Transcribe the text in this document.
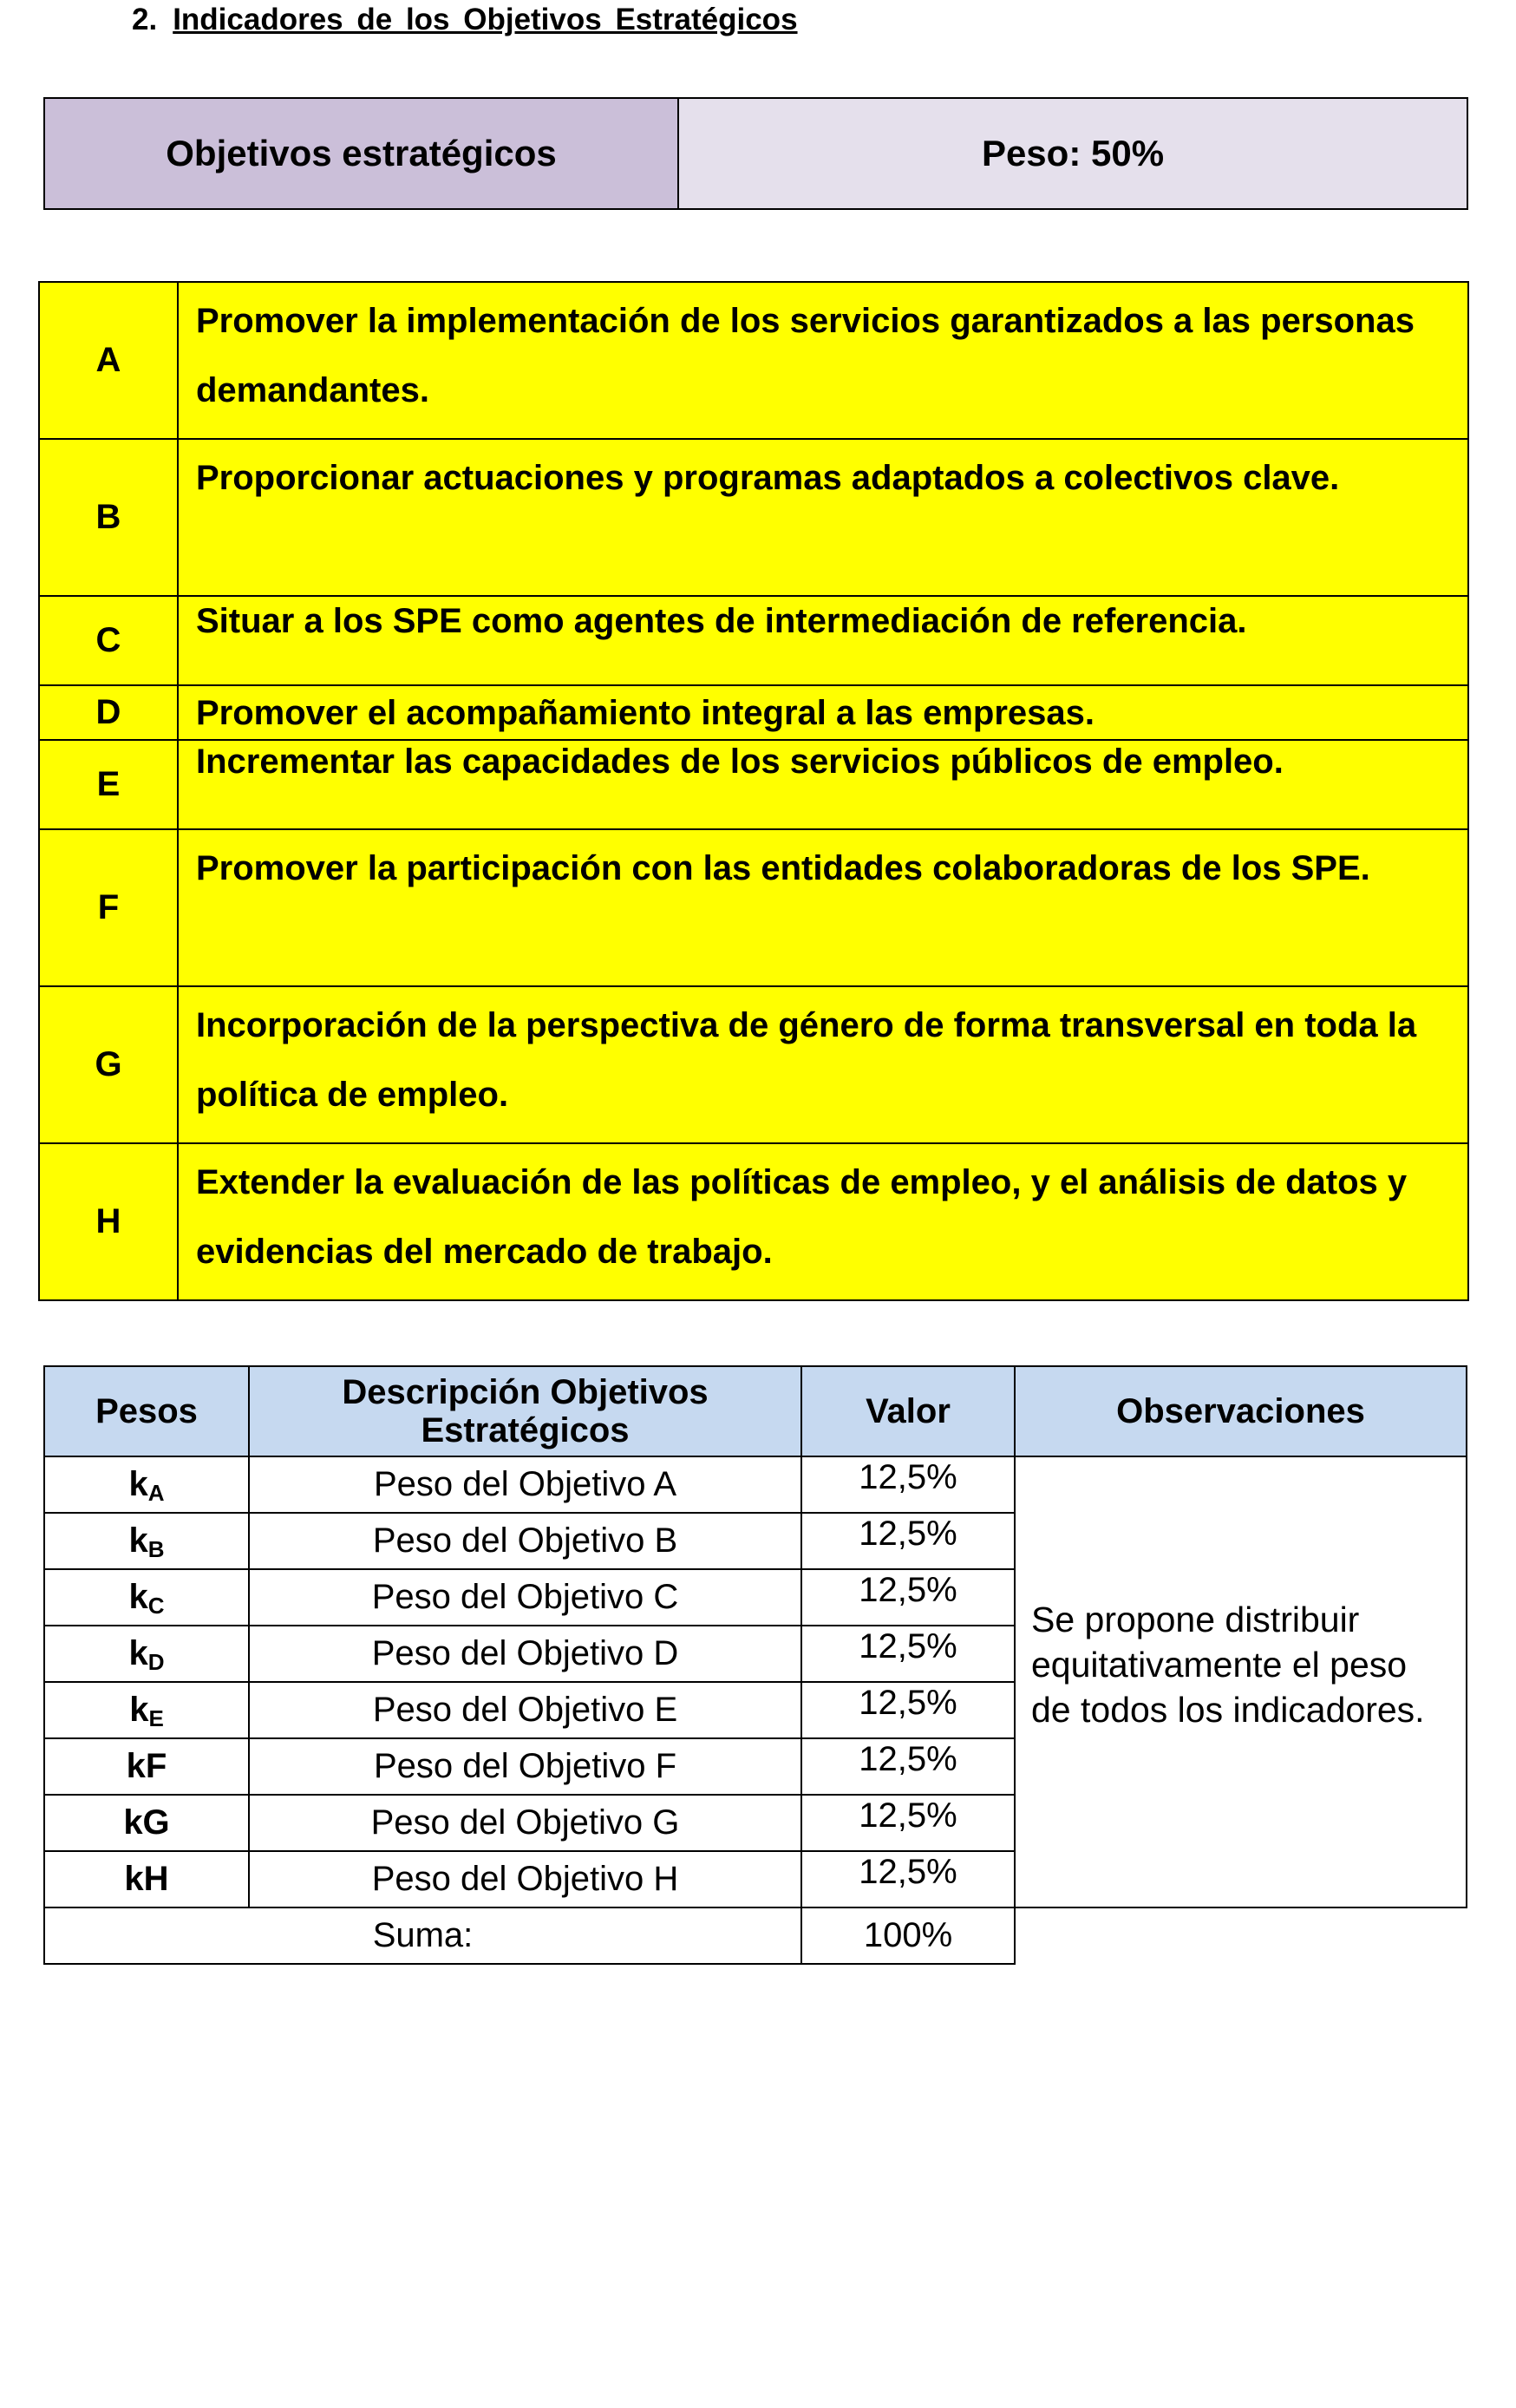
2. Indicadores de los Objetivos Estratégicos
Objetivos estratégicos	Peso: 50%
A	Promover la implementación de los servicios garantizados a las personas demandantes.
B	Proporcionar actuaciones y programas adaptados a colectivos clave.
C	Situar a los SPE como agentes de intermediación de referencia.
D	Promover el acompañamiento integral a las empresas.
E	Incrementar las capacidades de los servicios públicos de empleo.
F	Promover la participación con las entidades colaboradoras de los SPE.
G	Incorporación de la perspectiva de género de forma transversal en toda la política de empleo.
H	Extender la evaluación de las políticas de empleo, y el análisis de datos y evidencias del mercado de trabajo.
Pesos	Descripción Objetivos Estratégicos	Valor	Observaciones
$k_A$	Peso del Objetivo A	12,5%	Se propone distribuir equitativamente el peso de todos los indicadores.
$k_B$	Peso del Objetivo B	12,5%	
$k_C$	Peso del Objetivo C	12,5%	
$k_D$	Peso del Objetivo D	12,5%	
$k_E$	Peso del Objetivo E	12,5%	
kF	Peso del Objetivo F	12,5%	
kG	Peso del Objetivo G	12,5%	
kH	Peso del Objetivo H	12,5%	
Suma:		100%	
